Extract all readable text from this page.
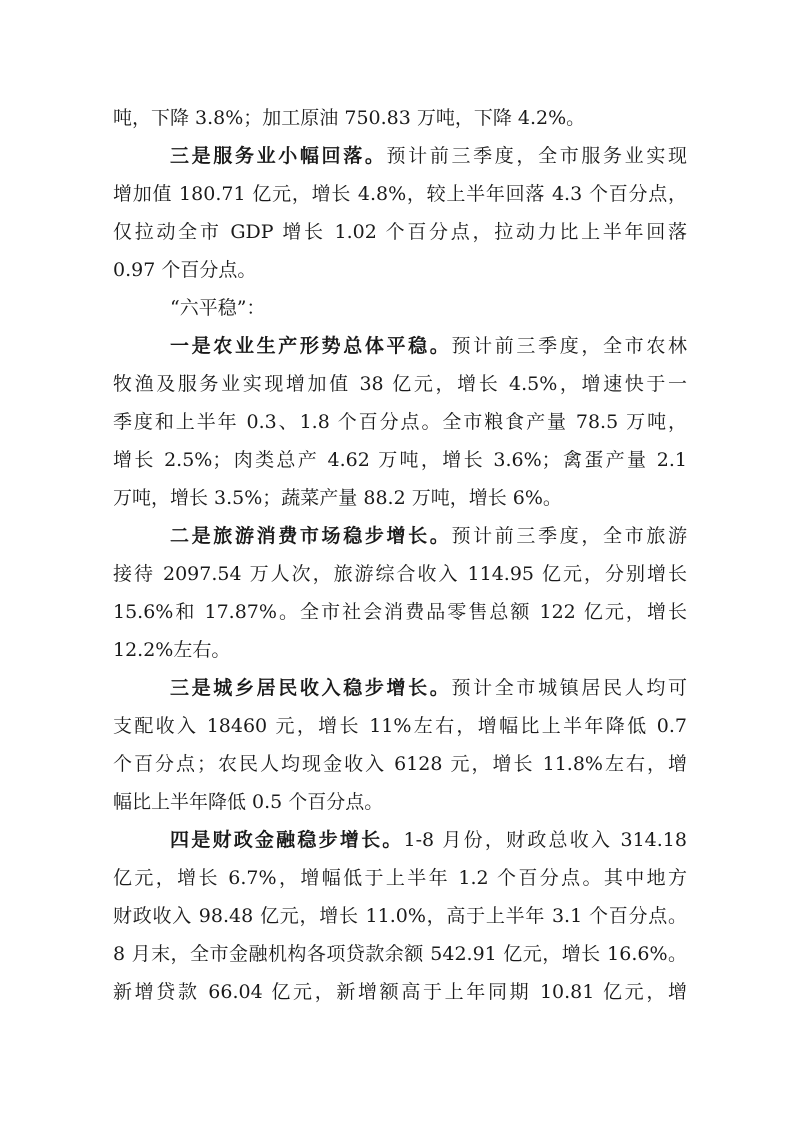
吨，下降 3.8%；加工原油 750.83 万吨，下降 4.2%。
三是服务业小幅回落。预计前三季度，全市服务业实现
增加值 180.71 亿元，增长 4.8%，较上半年回落 4.3 个百分点，
仅拉动全市 GDP 增长 1.02 个百分点，拉动力比上半年回落
0.97 个百分点。
“六平稳”：
一是农业生产形势总体平稳。预计前三季度，全市农林
牧渔及服务业实现增加值 38 亿元，增长 4.5%，增速快于一
季度和上半年 0.3、1.8 个百分点。全市粮食产量 78.5 万吨，
增长 2.5%；肉类总产 4.62 万吨，增长 3.6%；禽蛋产量 2.1
万吨，增长 3.5%；蔬菜产量 88.2 万吨，增长 6%。
二是旅游消费市场稳步增长。预计前三季度，全市旅游
接待 2097.54 万人次，旅游综合收入 114.95 亿元，分别增长
15.6%和 17.87%。全市社会消费品零售总额 122 亿元，增长
12.2%左右。
三是城乡居民收入稳步增长。预计全市城镇居民人均可
支配收入 18460 元，增长 11%左右，增幅比上半年降低 0.7
个百分点；农民人均现金收入 6128 元，增长 11.8%左右，增
幅比上半年降低 0.5 个百分点。
四是财政金融稳步增长。1-8 月份，财政总收入 314.18
亿元，增长 6.7%，增幅低于上半年 1.2 个百分点。其中地方
财政收入 98.48 亿元，增长 11.0%，高于上半年 3.1 个百分点。
8 月末，全市金融机构各项贷款余额 542.91 亿元，增长 16.6%。
新增贷款 66.04 亿元，新增额高于上年同期 10.81 亿元，增
